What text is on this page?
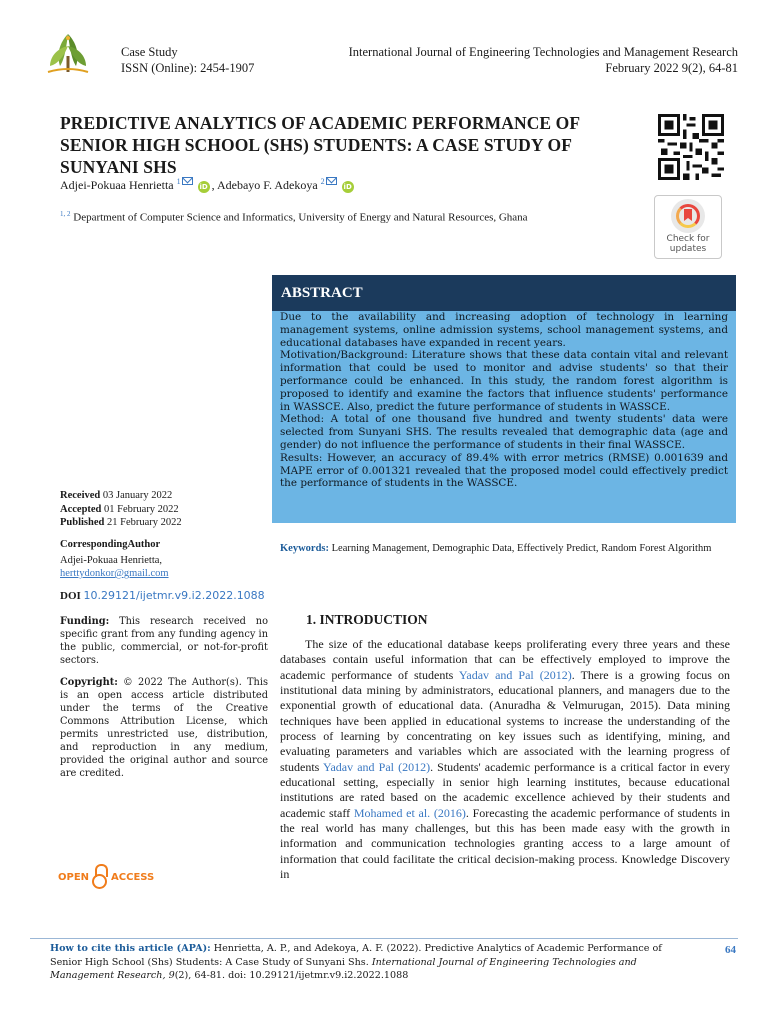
Case Study
ISSN (Online): 2454-1907
International Journal of Engineering Technologies and Management Research
February 2022 9(2), 64-81
PREDICTIVE ANALYTICS OF ACADEMIC PERFORMANCE OF SENIOR HIGH SCHOOL (SHS) STUDENTS: A CASE STUDY OF SUNYANI SHS
Adjei-Pokuaa Henrietta $^1$ iD , Adebayo F. Adekoya $^2$ iD
$^{1, 2}$ Department of Computer Science and Informatics, University of Energy and Natural Resources, Ghana
Check for
updates
ABSTRACT

Due to the availability and increasing adoption of technology in learning management systems, online admission systems, school management systems, and educational databases have expanded in recent years.

Motivation/Background: Literature shows that these data contain vital and relevant information that could be used to monitor and advise students' so that their performance could be enhanced. In this study, the random forest algorithm is proposed to identify and examine the factors that influence students' performance in WASSCE. Also, predict the future performance of students in WASSCE.

Method: A total of one thousand five hundred and twenty students' data were selected from Sunyani SHS. The results revealed that demographic data (age and gender) do not influence the performance of students in their final WASSCE.

Results: However, an accuracy of 89.4% with error metrics (RMSE) 0.001639 and MAPE error of 0.001321 revealed that the proposed model could effectively predict the performance of students in the WASSCE.

Keywords: Learning Management, Demographic Data, Effectively Predict, Random Forest Algorithm
Received 03 January 2022
Accepted 01 February 2022
Published 21 February 2022
CorrespondingAuthor
Adjei-Pokuaa Henrietta,
herttydonkor@gmail.com
DOI 10.29121/ijetmr.v9.i2.2022.1088
Funding: This research received no specific grant from any funding agency in the public, commercial, or not-for-profit sectors.
Copyright: © 2022 The Author(s). This is an open access article distributed under the terms of the Creative Commons Attribution License, which permits unrestricted use, distribution, and reproduction in any medium, provided the original author and source are credited.
OPEN ACCESS
1. INTRODUCTION

The size of the educational database keeps proliferating every three years and these databases contain useful information that can be effectively employed to improve the academic performance of students Yadav and Pal (2012). There is a growing focus on institutional data mining by administrators, educational planners, and managers due to the exponential growth of educational data. (Anuradha & Velmurugan, 2015). Data mining techniques have been applied in educational systems to increase the understanding of the process of learning by concentrating on key issues such as identifying, mining, and evaluating parameters and variables which are associated with the learning progress of students Yadav and Pal (2012). Students' academic performance is a critical factor in every educational setting, especially in senior high learning institutes, because educational institutions are rated based on the academic excellence achieved by their students and academic staff Mohamed et al. (2016). Forecasting the academic performance of students in the real world has many challenges, but this has been made easy with the growth in information and communication technologies granting access to a large amount of information that could facilitate the critical decision-making process. Knowledge Discovery in

How to cite this article (APA): Henrietta, A. P., and Adekoya, A. F. (2022). Predictive Analytics of Academic Performance of Senior High School (Shs) Students: A Case Study of Sunyani Shs. International Journal of Engineering Technologies and Management Research, 9(2), 64-81. doi: 10.29121/ijetmr.v9.i2.2022.1088
64
